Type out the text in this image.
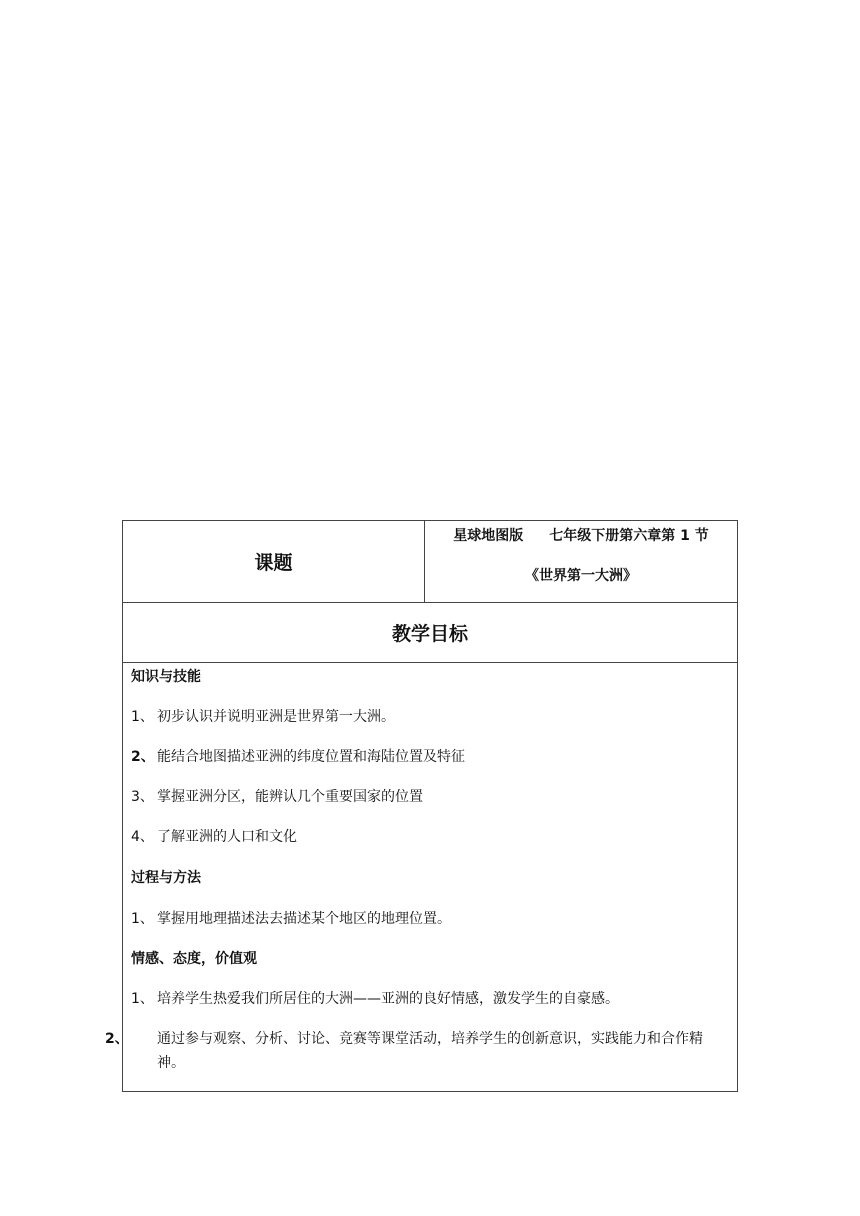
课题
星球地图版 七年级下册第六章第 1 节
《世界第一大洲》
教学目标
知识与技能
1、 初步认识并说明亚洲是世界第一大洲。
2、 能结合地图描述亚洲的纬度位置和海陆位置及特征
3、 掌握亚洲分区，能辨认几个重要国家的位置
4、 了解亚洲的人口和文化
过程与方法
1、 掌握用地理描述法去描述某个地区的地理位置。
情感、态度，价值观
1、 培养学生热爱我们所居住的大洲——亚洲的良好情感，激发学生的自豪感。
2、 通过参与观察、分析、讨论、竞赛等课堂活动，培养学生的创新意识，实践能力和合作精神。
